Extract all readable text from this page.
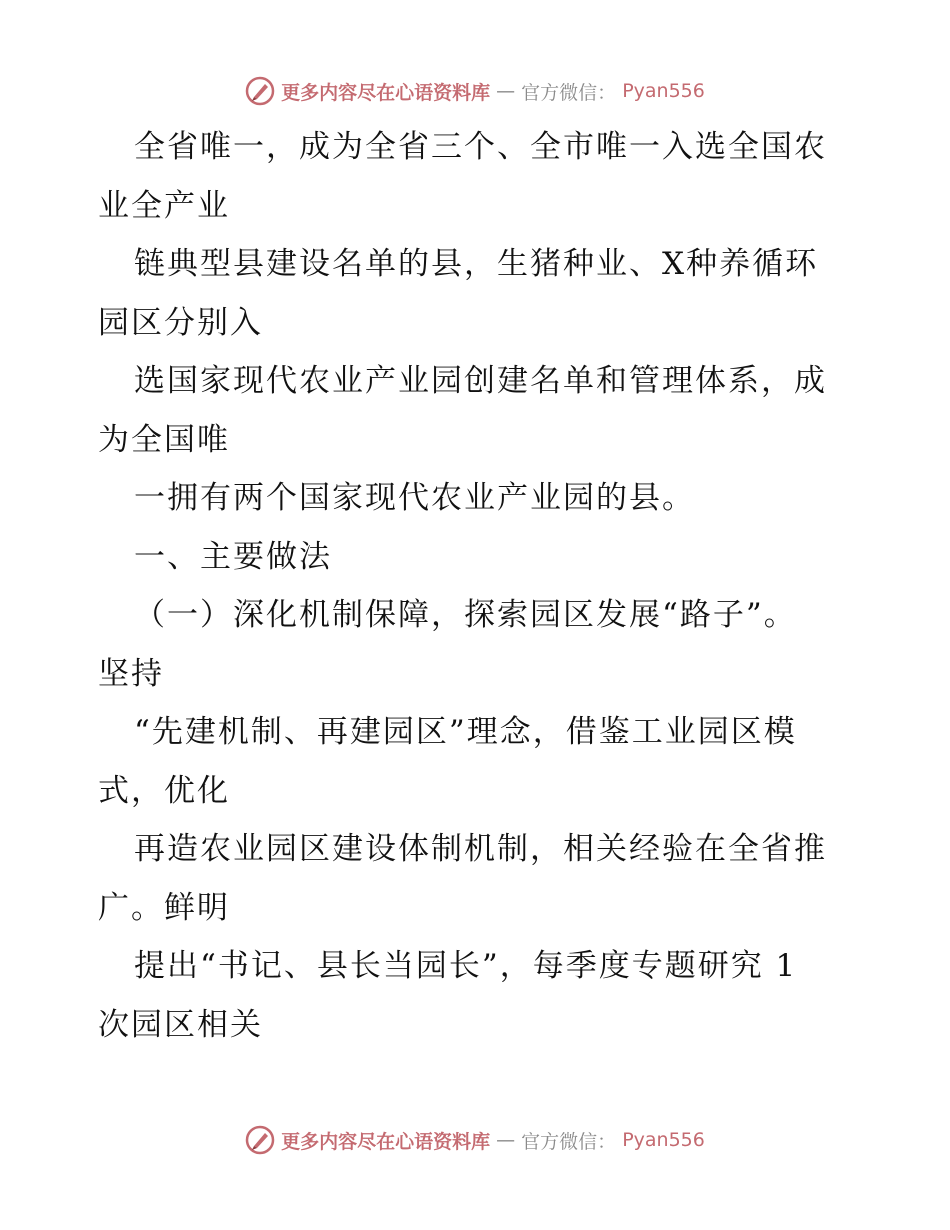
更多内容尽在心语资料库 — 官方微信： Pyan556
全省唯一，成为全省三个、全市唯一入选全国农
业全产业
链典型县建设名单的县，生猪种业、X种养循环
园区分别入
选国家现代农业产业园创建名单和管理体系，成
为全国唯
一拥有两个国家现代农业产业园的县。
一、主要做法
（一）深化机制保障，探索园区发展“路子”。
坚持
“先建机制、再建园区”理念，借鉴工业园区模
式，优化
再造农业园区建设体制机制，相关经验在全省推
广。鲜明
提出“书记、县长当园长”，每季度专题研究 1
次园区相关
更多内容尽在心语资料库 — 官方微信： Pyan556
